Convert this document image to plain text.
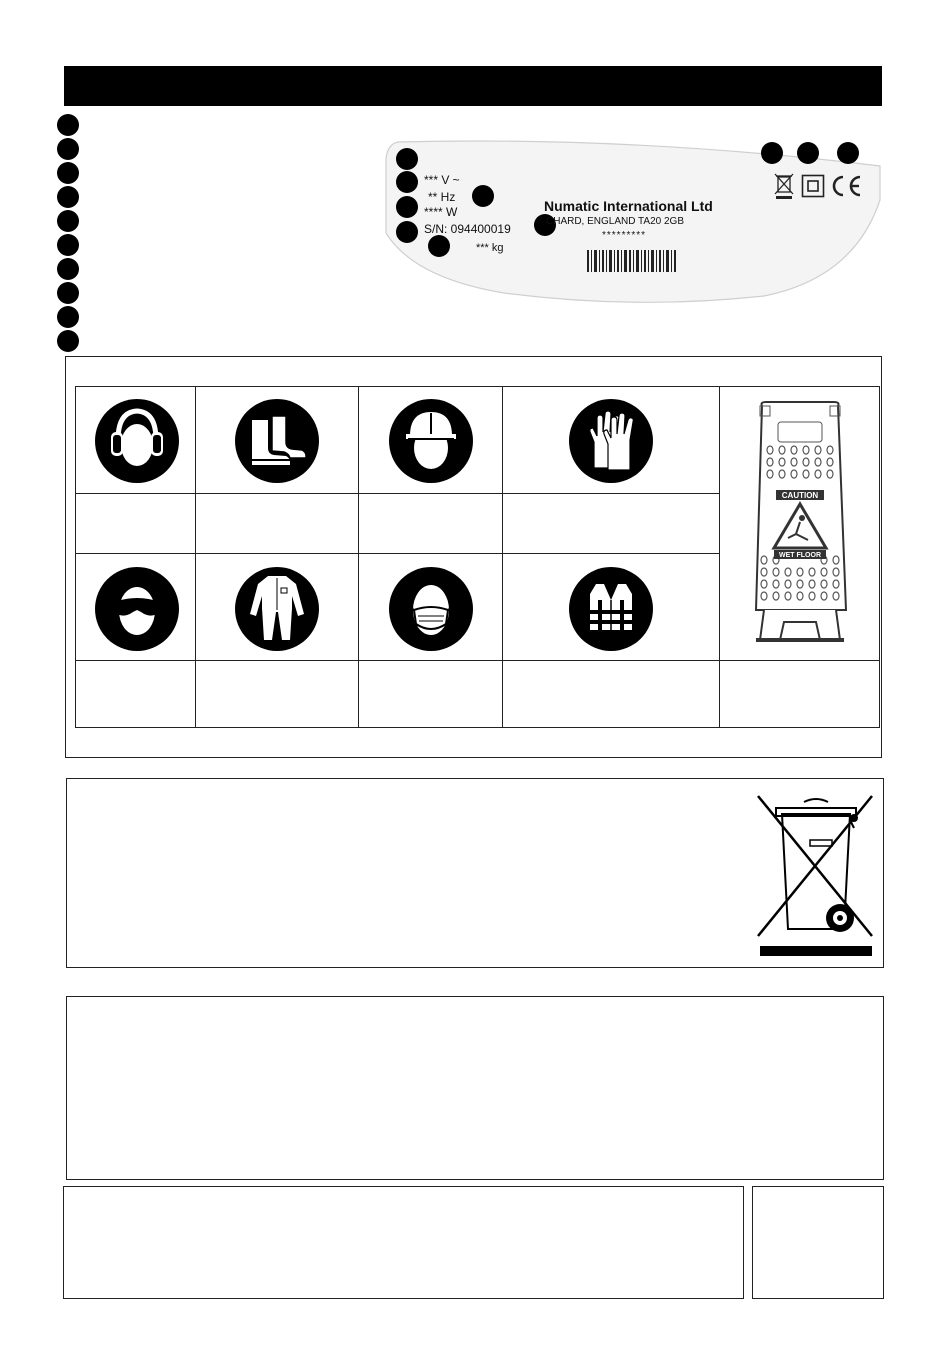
*** V ~
** Hz
**** W
S/N: 094400019
*** kg
Numatic International Ltd
CHARD, ENGLAND TA20 2GB
*********
CAUTION
WET FLOOR
